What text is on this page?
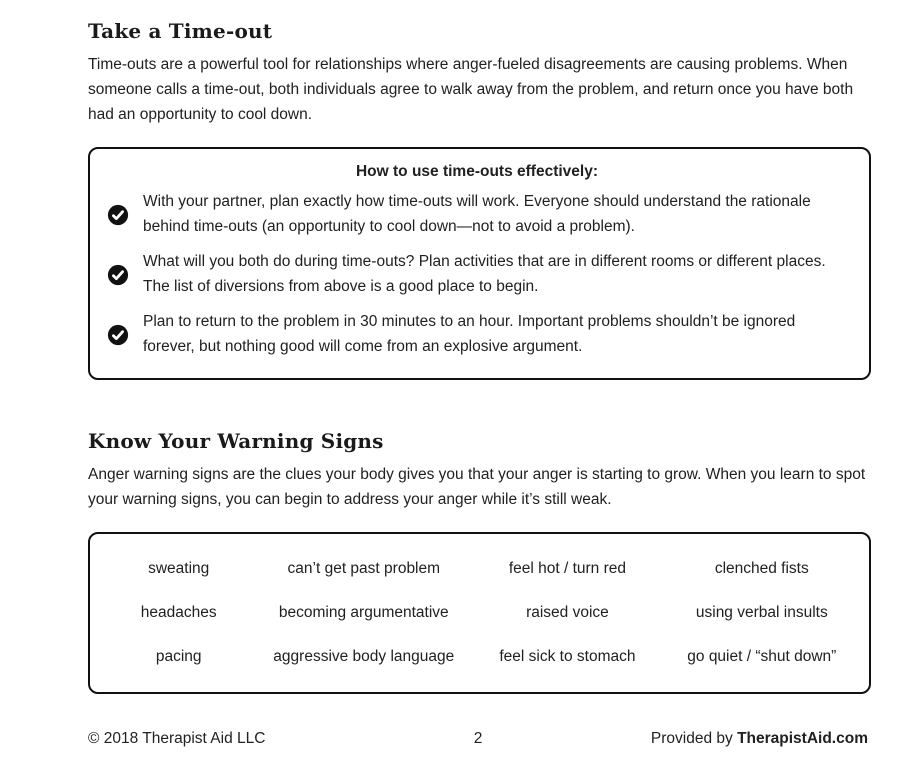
Take a Time-out

Time-outs are a powerful tool for relationships where anger-fueled disagreements are causing problems. When someone calls a time-out, both individuals agree to walk away from the problem, and return once you have both had an opportunity to cool down.

How to use time-outs effectively:

With your partner, plan exactly how time-outs will work. Everyone should understand the rationale behind time-outs (an opportunity to cool down—not to avoid a problem).

What will you both do during time-outs? Plan activities that are in different rooms or different places. The list of diversions from above is a good place to begin.

Plan to return to the problem in 30 minutes to an hour. Important problems shouldn’t be ignored forever, but nothing good will come from an explosive argument.

Know Your Warning Signs

Anger warning signs are the clues your body gives you that your anger is starting to grow. When you learn to spot your warning signs, you can begin to address your anger while it’s still weak.

sweating	can’t get past problem	feel hot / turn red	clenched fists
headaches	becoming argumentative	raised voice	using verbal insults
pacing	aggressive body language	feel sick to stomach	go quiet / “shut down”
© 2018 Therapist Aid LLC	2	Provided by TherapistAid.com
